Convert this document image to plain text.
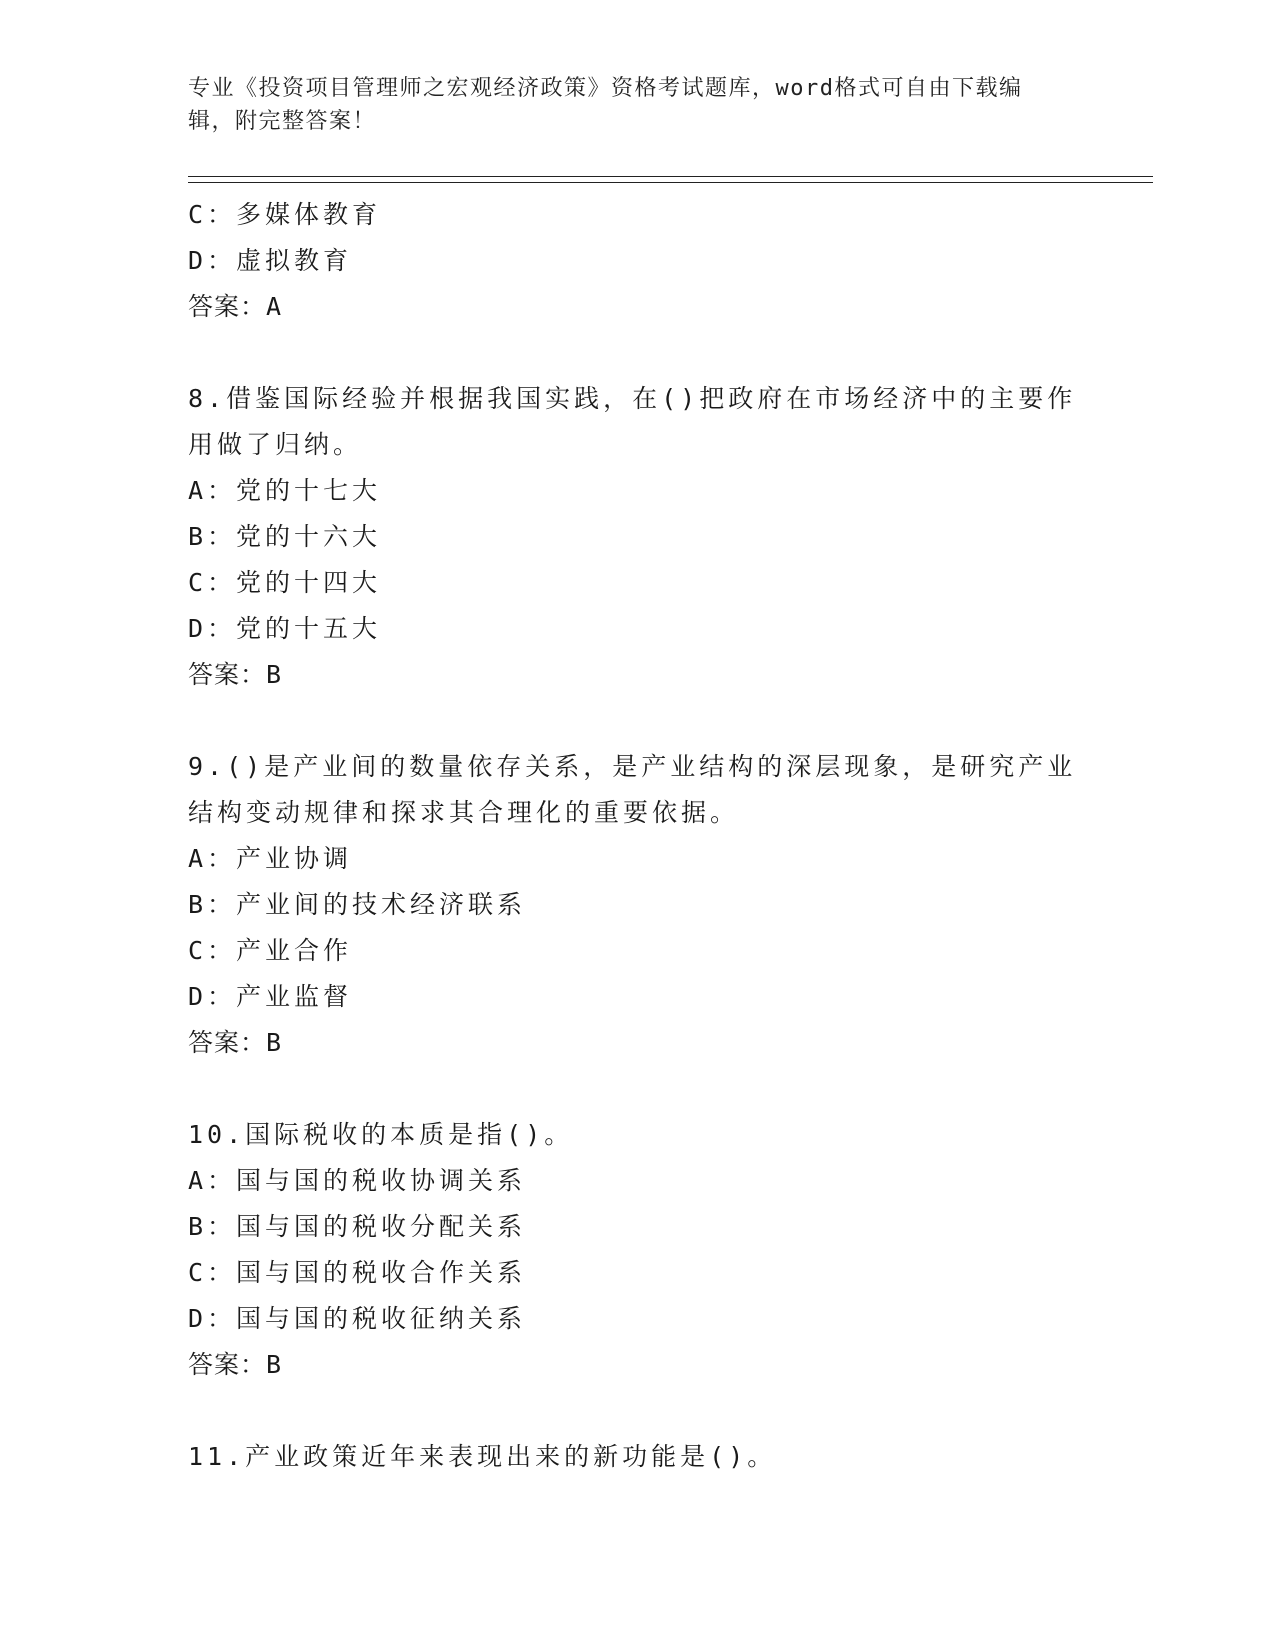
专业《投资项目管理师之宏观经济政策》资格考试题库，word格式可自由下载编辑，附完整答案！
C：多媒体教育
D：虚拟教育
答案：A
8.借鉴国际经验并根据我国实践，在()把政府在市场经济中的主要作
用做了归纳。
A：党的十七大
B：党的十六大
C：党的十四大
D：党的十五大
答案：B
9.()是产业间的数量依存关系，是产业结构的深层现象，是研究产业
结构变动规律和探求其合理化的重要依据。
A：产业协调
B：产业间的技术经济联系
C：产业合作
D：产业监督
答案：B
10.国际税收的本质是指()。
A：国与国的税收协调关系
B：国与国的税收分配关系
C：国与国的税收合作关系
D：国与国的税收征纳关系
答案：B
11.产业政策近年来表现出来的新功能是()。
